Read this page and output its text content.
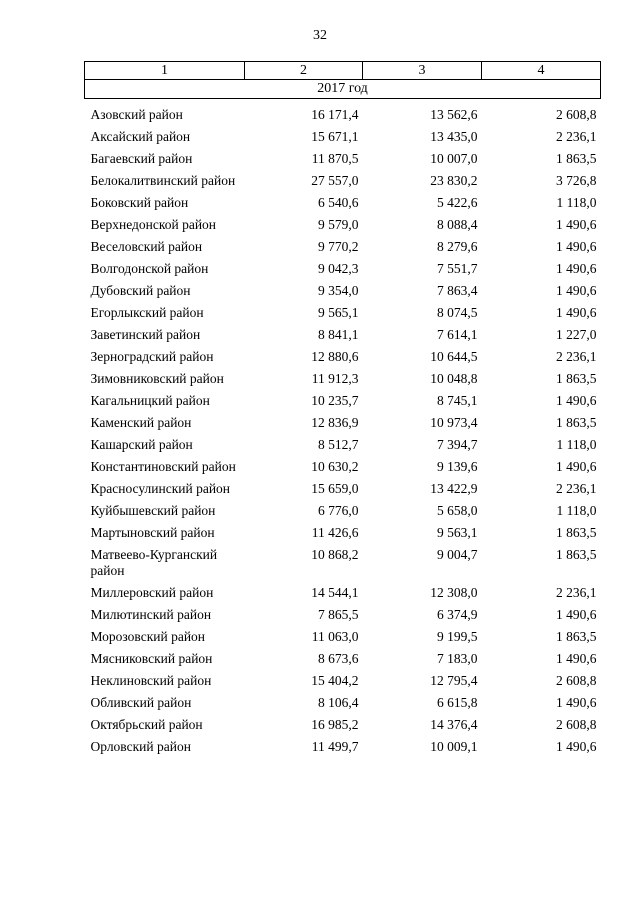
32
1	2	3	4
2017 год			

Азовский район	16 171,4	13 562,6	2 608,8
Аксайский район	15 671,1	13 435,0	2 236,1
Багаевский район	11 870,5	10 007,0	1 863,5
Белокалитвинский район	27 557,0	23 830,2	3 726,8
Боковский район	6 540,6	5 422,6	1 118,0
Верхнедонской район	9 579,0	8 088,4	1 490,6
Веселовский район	9 770,2	8 279,6	1 490,6
Волгодонской район	9 042,3	7 551,7	1 490,6
Дубовский район	9 354,0	7 863,4	1 490,6
Егорлыкский район	9 565,1	8 074,5	1 490,6
Заветинский район	8 841,1	7 614,1	1 227,0
Зерноградский район	12 880,6	10 644,5	2 236,1
Зимовниковский район	11 912,3	10 048,8	1 863,5
Кагальницкий район	10 235,7	8 745,1	1 490,6
Каменский район	12 836,9	10 973,4	1 863,5
Кашарский район	8 512,7	7 394,7	1 118,0
Константиновский район	10 630,2	9 139,6	1 490,6
Красносулинский район	15 659,0	13 422,9	2 236,1
Куйбышевский район	6 776,0	5 658,0	1 118,0
Мартыновский район	11 426,6	9 563,1	1 863,5
Матвеево-Курганский район	10 868,2	9 004,7	1 863,5
Миллеровский район	14 544,1	12 308,0	2 236,1
Милютинский район	7 865,5	6 374,9	1 490,6
Морозовский район	11 063,0	9 199,5	1 863,5
Мясниковский район	8 673,6	7 183,0	1 490,6
Неклиновский район	15 404,2	12 795,4	2 608,8
Обливский район	8 106,4	6 615,8	1 490,6
Октябрьский район	16 985,2	14 376,4	2 608,8
Орловский район	11 499,7	10 009,1	1 490,6
